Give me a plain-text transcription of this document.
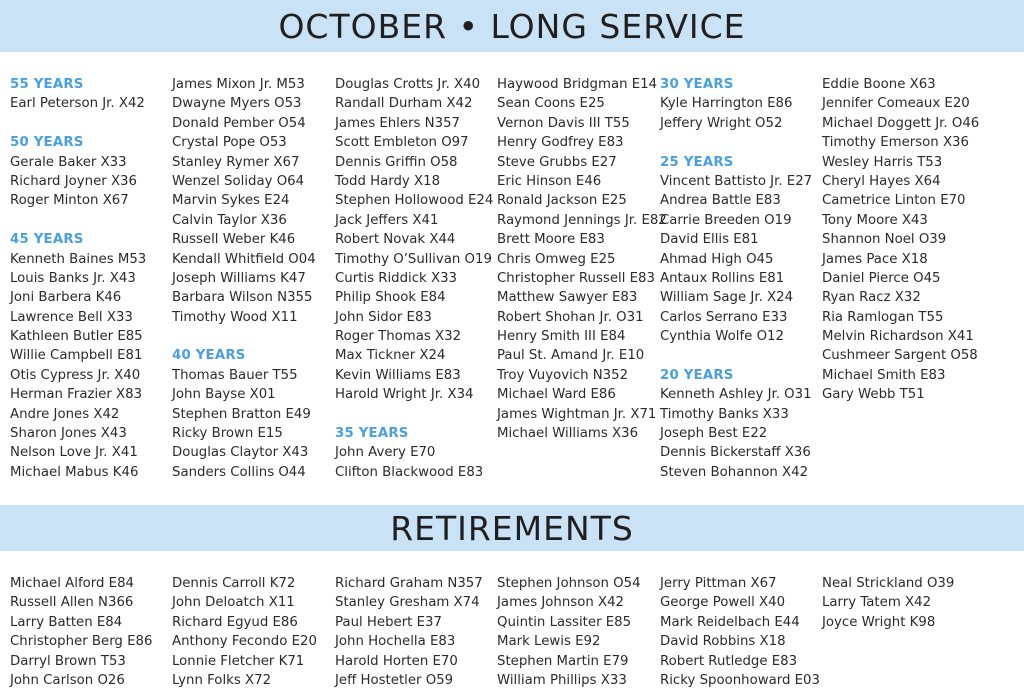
OCTOBER • LONG SERVICE
55 YEARS
Earl Peterson Jr. X42
50 YEARS
Gerale Baker X33
Richard Joyner X36
Roger Minton X67
45 YEARS
Kenneth Baines M53
Louis Banks Jr. X43
Joni Barbera K46
Lawrence Bell X33
Kathleen Butler E85
Willie Campbell E81
Otis Cypress Jr. X40
Herman Frazier X83
Andre Jones X42
Sharon Jones X43
Nelson Love Jr. X41
Michael Mabus K46
James Mixon Jr. M53
Dwayne Myers O53
Donald Pember O54
Crystal Pope O53
Stanley Rymer X67
Wenzel Soliday O64
Marvin Sykes E24
Calvin Taylor X36
Russell Weber K46
Kendall Whitfield O04
Joseph Williams K47
Barbara Wilson N355
Timothy Wood X11
40 YEARS
Thomas Bauer T55
John Bayse X01
Stephen Bratton E49
Ricky Brown E15
Douglas Claytor X43
Sanders Collins O44
Douglas Crotts Jr. X40
Randall Durham X42
James Ehlers N357
Scott Embleton O97
Dennis Griffin O58
Todd Hardy X18
Stephen Hollowood E24
Jack Jeffers X41
Robert Novak X44
Timothy O’Sullivan O19
Curtis Riddick X33
Philip Shook E84
John Sidor E83
Roger Thomas X32
Max Tickner X24
Kevin Williams E83
Harold Wright Jr. X34
35 YEARS
John Avery E70
Clifton Blackwood E83
Haywood Bridgman E14
Sean Coons E25
Vernon Davis III T55
Henry Godfrey E83
Steve Grubbs E27
Eric Hinson E46
Ronald Jackson E25
Raymond Jennings Jr. E82
Brett Moore E83
Chris Omweg E25
Christopher Russell E83
Matthew Sawyer E83
Robert Shohan Jr. O31
Henry Smith III E84
Paul St. Amand Jr. E10
Troy Vuyovich N352
Michael Ward E86
James Wightman Jr. X71
Michael Williams X36
30 YEARS
Kyle Harrington E86
Jeffery Wright O52
25 YEARS
Vincent Battisto Jr. E27
Andrea Battle E83
Carrie Breeden O19
David Ellis E81
Ahmad High O45
Antaux Rollins E81
William Sage Jr. X24
Carlos Serrano E33
Cynthia Wolfe O12
20 YEARS
Kenneth Ashley Jr. O31
Timothy Banks X33
Joseph Best E22
Dennis Bickerstaff X36
Steven Bohannon X42
Eddie Boone X63
Jennifer Comeaux E20
Michael Doggett Jr. O46
Timothy Emerson X36
Wesley Harris T53
Cheryl Hayes X64
Cametrice Linton E70
Tony Moore X43
Shannon Noel O39
James Pace X18
Daniel Pierce O45
Ryan Racz X32
Ria Ramlogan T55
Melvin Richardson X41
Cushmeer Sargent O58
Michael Smith E83
Gary Webb T51
RETIREMENTS
Michael Alford E84
Russell Allen N366
Larry Batten E84
Christopher Berg E86
Darryl Brown T53
John Carlson O26
Dennis Carroll K72
John Deloatch X11
Richard Egyud E86
Anthony Fecondo E20
Lonnie Fletcher K71
Lynn Folks X72
Richard Graham N357
Stanley Gresham X74
Paul Hebert E37
John Hochella E83
Harold Horten E70
Jeff Hostetler O59
Stephen Johnson O54
James Johnson X42
Quintin Lassiter E85
Mark Lewis E92
Stephen Martin E79
William Phillips X33
Jerry Pittman X67
George Powell X40
Mark Reidelbach E44
David Robbins X18
Robert Rutledge E83
Ricky Spoonhoward E03
Neal Strickland O39
Larry Tatem X42
Joyce Wright K98
